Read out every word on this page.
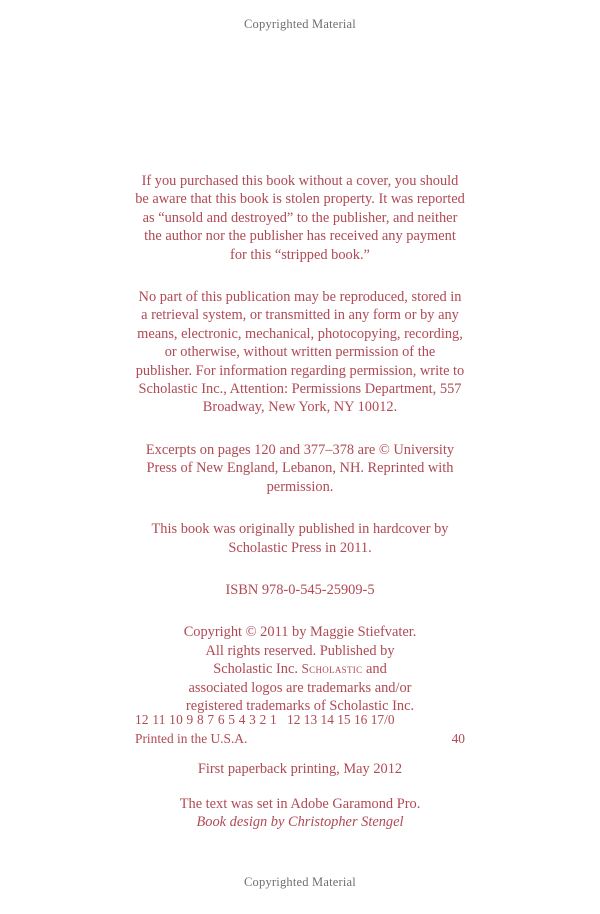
Copyrighted Material

If you purchased this book without a cover, you should be aware that this book is stolen property. It was reported as “unsold and destroyed” to the publisher, and neither the author nor the publisher has received any payment for this “stripped book.”

No part of this publication may be reproduced, stored in a retrieval system, or transmitted in any form or by any means, electronic, mechanical, photocopying, recording, or otherwise, without written permission of the publisher. For information regarding permission, write to Scholastic Inc., Attention: Permissions Department, 557 Broadway, New York, NY 10012.

Excerpts on pages 120 and 377–378 are © University Press of New England, Lebanon, NH. Reprinted with permission.

This book was originally published in hardcover by Scholastic Press in 2011.

ISBN 978-0-545-25909-5

Copyright © 2011 by Maggie Stiefvater.
All rights reserved. Published by
Scholastic Inc. Scholastic and
associated logos are trademarks and/or
registered trademarks of Scholastic Inc.

12 11 10 9 8 7 6 5 4 3 2 1 12 13 14 15 16 17/0
Printed in the U.S.A.	40

First paperback printing, May 2012

The text was set in Adobe Garamond Pro.
Book design by Christopher Stengel

Copyrighted Material
